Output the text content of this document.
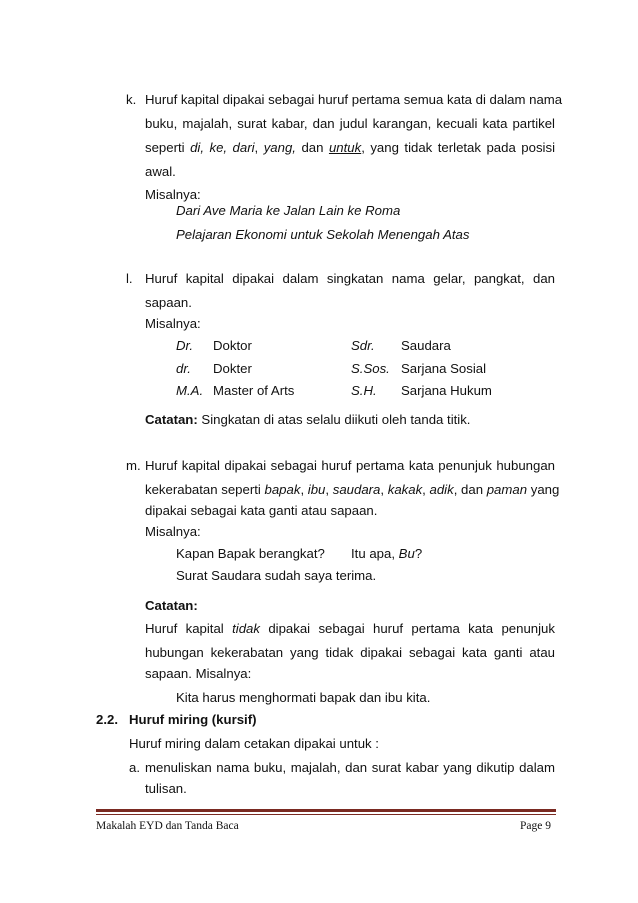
k. Huruf kapital dipakai sebagai huruf pertama semua kata di dalam nama
buku, majalah, surat kabar, dan judul karangan, kecuali kata partikel
seperti di, ke, dari, yang, dan untuk, yang tidak terletak pada posisi
awal.
Misalnya:
Dari Ave Maria ke Jalan Lain ke Roma
Pelajaran Ekonomi untuk Sekolah Menengah Atas
l. Huruf kapital dipakai dalam singkatan nama gelar, pangkat, dan
sapaan.
Misalnya:
Dr. Doktor	Sdr. Saudara
dr. Dokter	S.Sos. Sarjana Sosial
M.A. Master of Arts	S.H. Sarjana Hukum
Catatan: Singkatan di atas selalu diikuti oleh tanda titik.
m. Huruf kapital dipakai sebagai huruf pertama kata penunjuk hubungan
kekerabatan seperti bapak, ibu, saudara, kakak, adik, dan paman yang
dipakai sebagai kata ganti atau sapaan.
Misalnya:
Kapan Bapak berangkat? Itu apa, Bu?
Surat Saudara sudah saya terima.
Catatan:
Huruf kapital tidak dipakai sebagai huruf pertama kata penunjuk
hubungan kekerabatan yang tidak dipakai sebagai kata ganti atau
sapaan. Misalnya:
Kita harus menghormati bapak dan ibu kita.
2.2. Huruf miring (kursif)
Huruf miring dalam cetakan dipakai untuk :
a. menuliskan nama buku, majalah, dan surat kabar yang dikutip dalam
tulisan.
Makalah EYD dan Tanda Baca	Page 9
